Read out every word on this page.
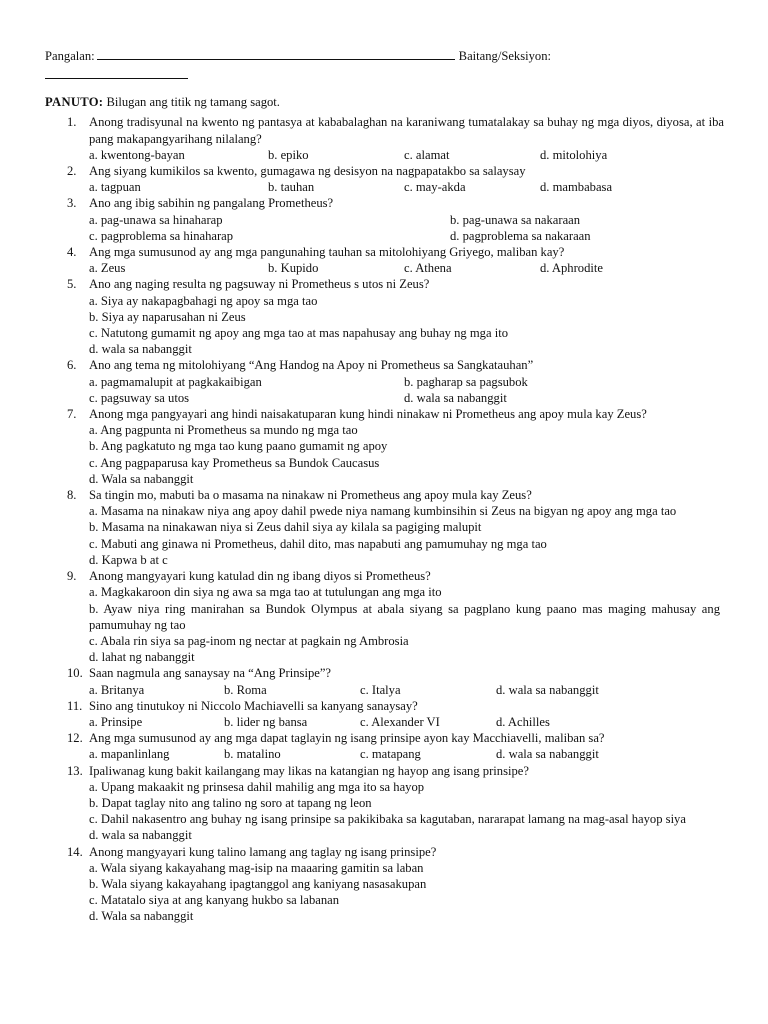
Pangalan:	Baitang/Seksiyon:
PANUTO: Bilugan ang titik ng tamang sagot.
1. Anong tradisyunal na kwento ng pantasya at kababalaghan na karaniwang tumatalakay sa buhay ng mga diyos, diyosa, at iba pang makapangyarihang nilalang?
a. kwentong-bayan	b. epiko	c. alamat	d. mitolohiya
2. Ang siyang kumikilos sa kwento, gumagawa ng desisyon na nagpapatakbo sa salaysay
a. tagpuan	b. tauhan	c. may-akda	d. mambabasa
3. Ano ang ibig sabihin ng pangalang Prometheus?
a. pag-unawa sa hinaharap	b. pag-unawa sa nakaraan
c. pagproblema sa hinaharap	d. pagproblema sa nakaraan
4. Ang mga sumusunod ay ang mga pangunahing tauhan sa mitolohiyang Griyego, maliban kay?
a. Zeus	b. Kupido	c. Athena	d. Aphrodite
5. Ano ang naging resulta ng pagsuway ni Prometheus s utos ni Zeus?
a. Siya ay nakapagbahagi ng apoy sa mga tao
b. Siya ay naparusahan ni Zeus
c. Natutong gumamit ng apoy ang mga tao at mas napahusay ang buhay ng mga ito
d. wala sa nabanggit
6. Ano ang tema ng mitolohiyang “Ang Handog na Apoy ni Prometheus sa Sangkatauhan”
a. pagmamalupit at pagkakaibigan	b. pagharap sa pagsubok
c. pagsuway sa utos	d. wala sa nabanggit
7. Anong mga pangyayari ang hindi naisakatuparan kung hindi ninakaw ni Prometheus ang apoy mula kay Zeus?
a. Ang pagpunta ni Prometheus sa mundo ng mga tao
b. Ang pagkatuto ng mga tao kung paano gumamit ng apoy
c. Ang pagpaparusa kay Prometheus sa Bundok Caucasus
d. Wala sa nabanggit
8. Sa tingin mo, mabuti ba o masama na ninakaw ni Prometheus ang apoy mula kay Zeus?
a. Masama na ninakaw niya ang apoy dahil pwede niya namang kumbinsihin si Zeus na bigyan ng apoy ang mga tao
b. Masama na ninakawan niya si Zeus dahil siya ay kilala sa pagiging malupit
c. Mabuti ang ginawa ni Prometheus, dahil dito, mas napabuti ang pamumuhay ng mga tao
d. Kapwa b at c
9. Anong mangyayari kung katulad din ng ibang diyos si Prometheus?
a. Magkakaroon din siya ng awa sa mga tao at tutulungan ang mga ito
b. Ayaw niya ring manirahan sa Bundok Olympus at abala siyang sa pagplano kung paano mas maging mahusay ang pamumuhay ng tao
c. Abala rin siya sa pag-inom ng nectar at pagkain ng Ambrosia
d. lahat ng nabanggit
10. Saan nagmula ang sanaysay na “Ang Prinsipe”?
a. Britanya	b. Roma	c. Italya	d. wala sa nabanggit
11. Sino ang tinutukoy ni Niccolo Machiavelli sa kanyang sanaysay?
a. Prinsipe	b. lider ng bansa	c. Alexander VI	d. Achilles
12. Ang mga sumusunod ay ang mga dapat taglayin ng isang prinsipe ayon kay Macchiavelli, maliban sa?
a. mapanlinlang	b. matalino	c. matapang	d. wala sa nabanggit
13. Ipaliwanag kung bakit kailangang may likas na katangian ng hayop ang isang prinsipe?
a. Upang makaakit ng prinsesa dahil mahilig ang mga ito sa hayop
b. Dapat taglay nito ang talino ng soro at tapang ng leon
c. Dahil nakasentro ang buhay ng isang prinsipe sa pakikibaka sa kagutaban, nararapat lamang na mag-asal hayop siya
d. wala sa nabanggit
14. Anong mangyayari kung talino lamang ang taglay ng isang prinsipe?
a. Wala siyang kakayahang mag-isip na maaaring gamitin sa laban
b. Wala siyang kakayahang ipagtanggol ang kaniyang nasasakupan
c. Matatalo siya at ang kanyang hukbo sa labanan
d. Wala sa nabanggit
